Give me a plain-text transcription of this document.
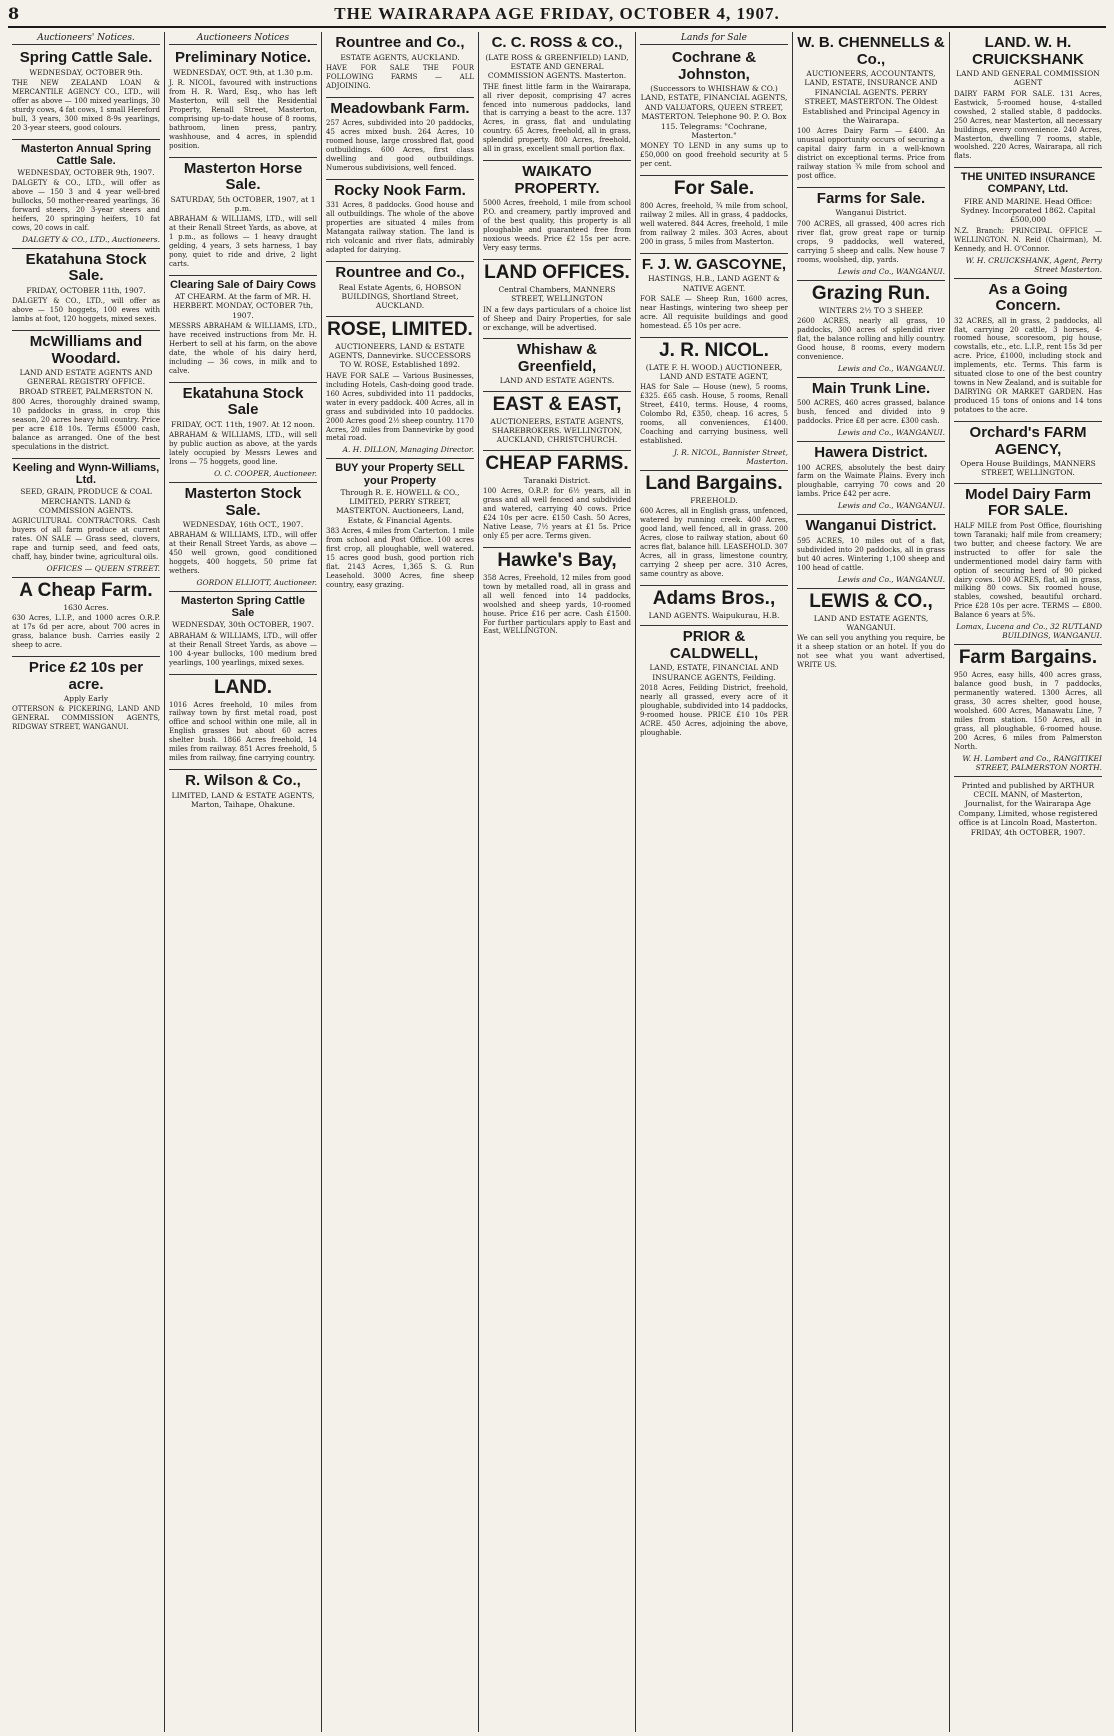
8	THE WAIRARAPA AGE FRIDAY, OCTOBER 4, 1907.
Auctioneers' Notices.
Spring Cattle Sale.
WEDNESDAY, OCTOBER 9th.
THE NEW ZEALAND LOAN & MERCANTILE AGENCY CO., LTD., will offer as above — 100 mixed yearlings, 30 sturdy cows, 4 fat cows, 1 small Hereford bull, 3 years, 300 mixed 8-9s yearlings, 20 3-year steers, good colours.
Masterton Annual Spring Cattle Sale.
WEDNESDAY, OCTOBER 9th, 1907.
DALGETY & CO., LTD., will offer as above — 150 3 and 4 year well-bred bullocks, 50 mother-reared yearlings, 36 forward steers, 20 3-year steers and heifers, 20 springing heifers, 10 fat cows, 20 cows in calf.
DALGETY & CO., LTD., Auctioneers.
Ekatahuna Stock Sale.
FRIDAY, OCTOBER 11th, 1907.
DALGETY & CO., LTD., will offer as above — 150 hoggets, 100 ewes with lambs at foot, 120 hoggets, mixed sexes.
McWilliams and Woodard.
LAND AND ESTATE AGENTS AND GENERAL REGISTRY OFFICE. BROAD STREET, PALMERSTON N.
800 Acres, thoroughly drained swamp, 10 paddocks in grass, in crop this season, 20 acres heavy hill country. Price per acre £18 10s. Terms £5000 cash, balance as arranged. One of the best speculations in the district.
Keeling and Wynn-Williams, Ltd.
SEED, GRAIN, PRODUCE & COAL MERCHANTS. LAND & COMMISSION AGENTS.
AGRICULTURAL CONTRACTORS. Cash buyers of all farm produce at current rates. ON SALE — Grass seed, clovers, rape and turnip seed, and feed oats, chaff, hay, binder twine, agricultural oils.
OFFICES — QUEEN STREET.
A Cheap Farm.
1630 Acres.
630 Acres, L.I.P., and 1000 acres O.R.P. at 17s 6d per acre, about 700 acres in grass, balance bush. Carries easily 2 sheep to acre.
Price £2 10s per acre.
Apply Early
OTTERSON & PICKERING, LAND AND GENERAL COMMISSION AGENTS, RIDGWAY STREET, WANGANUI.
Auctioneers Notices
Preliminary Notice.
WEDNESDAY, OCT. 9th, at 1.30 p.m.
J. R. NICOL, favoured with instructions from H. R. Ward, Esq., who has left Masterton, will sell the Residential Property, Renall Street, Masterton, comprising up-to-date house of 8 rooms, bathroom, linen press, pantry, washhouse, and 4 acres, in splendid position.
Masterton Horse Sale.
SATURDAY, 5th OCTOBER, 1907, at 1 p.m.
ABRAHAM & WILLIAMS, LTD., will sell at their Renall Street Yards, as above, at 1 p.m., as follows — 1 heavy draught gelding, 4 years, 3 sets harness, 1 bay pony, quiet to ride and drive, 2 light carts.
Clearing Sale of Dairy Cows
AT CHEARM. At the farm of MR. H. HERBERT. MONDAY, OCTOBER 7th, 1907.
MESSRS ABRAHAM & WILLIAMS, LTD., have received instructions from Mr. H. Herbert to sell at his farm, on the above date, the whole of his dairy herd, including — 36 cows, in milk and to calve.
Ekatahuna Stock Sale
FRIDAY, OCT. 11th, 1907. At 12 noon.
ABRAHAM & WILLIAMS, LTD., will sell by public auction as above, at the yards lately occupied by Messrs Lewes and Irons — 75 hoggets, good line.
O. C. COOPER, Auctioneer.
Masterton Stock Sale.
WEDNESDAY, 16th OCT., 1907.
ABRAHAM & WILLIAMS, LTD., will offer at their Renall Street Yards, as above — 450 well grown, good conditioned hoggets, 400 hoggets, 50 prime fat wethers.
GORDON ELLIOTT, Auctioneer.
Masterton Spring Cattle Sale
WEDNESDAY, 30th OCTOBER, 1907.
ABRAHAM & WILLIAMS, LTD., will offer at their Renall Street Yards, as above — 100 4-year bullocks, 100 medium bred yearlings, 100 yearlings, mixed sexes.
LAND.
1016 Acres freehold, 10 miles from railway town by first metal road, post office and school within one mile, all in English grasses but about 60 acres shelter bush. 1866 Acres freehold, 14 miles from railway. 851 Acres freehold, 5 miles from railway, fine carrying country.
R. Wilson & Co.,
LIMITED, LAND & ESTATE AGENTS, Marton, Taihape, Ohakune.
Rountree and Co.,
ESTATE AGENTS, AUCKLAND.
HAVE FOR SALE THE FOUR FOLLOWING FARMS — ALL ADJOINING.
Meadowbank Farm.
257 Acres, subdivided into 20 paddocks, 45 acres mixed bush. 264 Acres, 10 roomed house, large crossbred flat, good outbuildings. 600 Acres, first class dwelling and good outbuildings. Numerous subdivisions, well fenced.
Rocky Nook Farm.
331 Acres, 8 paddocks. Good house and all outbuildings. The whole of the above properties are situated 4 miles from Matangata railway station. The land is rich volcanic and river flats, admirably adapted for dairying.
Rountree and Co.,
Real Estate Agents, 6, HOBSON BUILDINGS, Shortland Street, AUCKLAND.
ROSE, LIMITED.
AUCTIONEERS, LAND & ESTATE AGENTS, Dannevirke. SUCCESSORS TO W. ROSE, Established 1892.
HAVE FOR SALE — Various Businesses, including Hotels, Cash-doing good trade. 160 Acres, subdivided into 11 paddocks, water in every paddock. 400 Acres, all in grass and subdivided into 10 paddocks. 2000 Acres good 2½ sheep country. 1170 Acres, 20 miles from Dannevirke by good metal road.
A. H. DILLON, Managing Director.
BUY your Property SELL your Property
Through R. E. HOWELL & CO., LIMITED, PERRY STREET, MASTERTON. Auctioneers, Land, Estate, & Financial Agents.
383 Acres, 4 miles from Carterton. 1 mile from school and Post Office. 100 acres first crop, all ploughable, well watered. 15 acres good bush, good portion rich flat. 2143 Acres, 1,365 S. G. Run Leasehold. 3000 Acres, fine sheep country, easy grazing.
C. C. ROSS & CO.,
(LATE ROSS & GREENFIELD) LAND, ESTATE AND GENERAL COMMISSION AGENTS. Masterton.
THE finest little farm in the Wairarapa, all river deposit, comprising 47 acres fenced into numerous paddocks, land that is carrying a beast to the acre. 137 Acres, in grass, flat and undulating country. 65 Acres, freehold, all in grass, splendid property. 800 Acres, freehold, all in grass, excellent small portion flax.
WAIKATO PROPERTY.
5000 Acres, freehold, 1 mile from school P.O. and creamery, partly improved and of the best quality, this property is all ploughable and guaranteed free from noxious weeds. Price £2 15s per acre. Very easy terms.
LAND OFFICES.
Central Chambers, MANNERS STREET, WELLINGTON
IN a few days particulars of a choice list of Sheep and Dairy Properties, for sale or exchange, will be advertised.
Whishaw & Greenfield,
LAND AND ESTATE AGENTS.
EAST & EAST,
AUCTIONEERS, ESTATE AGENTS, SHAREBROKERS. WELLINGTON, AUCKLAND, CHRISTCHURCH.
CHEAP FARMS.
Taranaki District.
100 Acres, O.R.P. for 6½ years, all in grass and all well fenced and subdivided and watered, carrying 40 cows. Price £24 10s per acre. £150 Cash. 50 Acres, Native Lease, 7½ years at £1 5s. Price only £5 per acre. Terms given.
Hawke's Bay,
358 Acres, Freehold, 12 miles from good town by metalled road, all in grass and all well fenced into 14 paddocks, woolshed and sheep yards, 10-roomed house. Price £16 per acre. Cash £1500. For further particulars apply to East and East, WELLINGTON.
Lands for Sale
Cochrane & Johnston,
(Successors to WHISHAW & CO.) LAND, ESTATE, FINANCIAL AGENTS, AND VALUATORS, QUEEN STREET, MASTERTON. Telephone 90. P. O. Box 115. Telegrams: "Cochrane, Masterton."
MONEY TO LEND in any sums up to £50,000 on good freehold security at 5 per cent.
For Sale.
800 Acres, freehold, ¾ mile from school, railway 2 miles. All in grass, 4 paddocks, well watered. 844 Acres, freehold, 1 mile from railway 2 miles. 303 Acres, about 200 in grass, 5 miles from Masterton.
F. J. W. GASCOYNE,
HASTINGS, H.B., LAND AGENT & NATIVE AGENT.
FOR SALE — Sheep Run, 1600 acres, near Hastings, wintering two sheep per acre. All requisite buildings and good homestead. £5 10s per acre.
J. R. NICOL.
(LATE F. H. WOOD.) AUCTIONEER, LAND AND ESTATE AGENT,
HAS for Sale — House (new), 5 rooms, £325. £65 cash. House, 5 rooms, Renall Street, £410, terms. House, 4 rooms, Colombo Rd, £350, cheap. 16 acres, 5 rooms, all conveniences, £1400. Coaching and carrying business, well established.
J. R. NICOL, Bannister Street, Masterton.
Land Bargains.
FREEHOLD.
600 Acres, all in English grass, unfenced, watered by running creek. 400 Acres, good land, well fenced, all in grass. 200 Acres, close to railway station, about 60 acres flat, balance hill. LEASEHOLD. 307 Acres, all in grass, limestone country, carrying 2 sheep per acre. 310 Acres, same country as above.
Adams Bros.,
LAND AGENTS. Waipukurau, H.B.
PRIOR & CALDWELL,
LAND, ESTATE, FINANCIAL AND INSURANCE AGENTS, Feilding.
2018 Acres, Feilding District, freehold, nearly all grassed, every acre of it ploughable, subdivided into 14 paddocks, 9-roomed house. PRICE £10 10s PER ACRE. 450 Acres, adjoining the above, ploughable.
W. B. CHENNELLS & Co.,
AUCTIONEERS, ACCOUNTANTS, LAND, ESTATE, INSURANCE AND FINANCIAL AGENTS. PERRY STREET, MASTERTON. The Oldest Established and Principal Agency in the Wairarapa.
100 Acres Dairy Farm — £400. An unusual opportunity occurs of securing a capital dairy farm in a well-known district on exceptional terms. Price from railway station ¾ mile from school and post office.
Farms for Sale.
Wanganui District.
700 ACRES, all grassed, 400 acres rich river flat, grow great rape or turnip crops, 9 paddocks, well watered, carrying 5 sheep and calls. New house 7 rooms, woolshed, dip, yards.
Lewis and Co., WANGANUI.
Grazing Run.
WINTERS 2½ TO 3 SHEEP.
2600 ACRES, nearly all grass, 10 paddocks, 300 acres of splendid river flat, the balance rolling and hilly country. Good house, 8 rooms, every modern convenience.
Lewis and Co., WANGANUI.
Main Trunk Line.
500 ACRES, 460 acres grassed, balance bush, fenced and divided into 9 paddocks. Price £8 per acre. £300 cash.
Lewis and Co., WANGANUI.
Hawera District.
100 ACRES, absolutely the best dairy farm on the Waimate Plains. Every inch ploughable, carrying 70 cows and 20 lambs. Price £42 per acre.
Lewis and Co., WANGANUI.
Wanganui District.
595 ACRES, 10 miles out of a flat, subdivided into 20 paddocks, all in grass but 40 acres. Wintering 1,100 sheep and 100 head of cattle.
Lewis and Co., WANGANUI.
LEWIS & CO.,
LAND AND ESTATE AGENTS, WANGANUI.
We can sell you anything you require, be it a sheep station or an hotel. If you do not see what you want advertised, WRITE US.
LAND. W. H. CRUICKSHANK
LAND AND GENERAL COMMISSION AGENT
DAIRY FARM FOR SALE. 131 Acres, Eastwick, 5-roomed house, 4-stalled cowshed, 2 stalled stable, 8 paddocks. 250 Acres, near Masterton, all necessary buildings, every convenience. 240 Acres, Masterton, dwelling 7 rooms, stable, woolshed. 220 Acres, Wairarapa, all rich flats.
THE UNITED INSURANCE COMPANY, Ltd.
FIRE AND MARINE. Head Office: Sydney. Incorporated 1862. Capital £500,000
N.Z. Branch: PRINCIPAL OFFICE — WELLINGTON. N. Reid (Chairman), M. Kennedy, and H. O'Connor.
W. H. CRUICKSHANK, Agent, Perry Street Masterton.
As a Going Concern.
32 ACRES, all in grass, 2 paddocks, all flat, carrying 20 cattle, 3 horses, 4-roomed house, scoresoom, pig house, cowstalls, etc., etc. L.I.P., rent 15s 3d per acre. Price, £1000, including stock and implements, etc. Terms. This farm is situated close to one of the best country towns in New Zealand, and is suitable for DAIRYING OR MARKET GARDEN. Has produced 15 tons of onions and 14 tons potatoes to the acre.
Orchard's FARM AGENCY,
Opera House Buildings, MANNERS STREET, WELLINGTON.
Model Dairy Farm FOR SALE.
HALF MILE from Post Office, flourishing town Taranaki; half mile from creamery; two butter, and cheese factory. We are instructed to offer for sale the undermentioned model dairy farm with option of securing herd of 90 picked dairy cows. 100 ACRES, flat, all in grass, milking 80 cows. Six roomed house, stables, cowshed, beautiful orchard. Price £28 10s per acre. TERMS — £800. Balance 6 years at 5%.
Lomax, Lucena and Co., 32 RUTLAND BUILDINGS, WANGANUI.
Farm Bargains.
950 Acres, easy hills, 400 acres grass, balance good bush, in 7 paddocks, permanently watered. 1300 Acres, all grass, 30 acres shelter, good house, woolshed. 600 Acres, Manawatu Line, 7 miles from station. 150 Acres, all in grass, all ploughable, 6-roomed house. 200 Acres, 6 miles from Palmerston North.
W. H. Lambert and Co., RANGITIKEI STREET, PALMERSTON NORTH.
Printed and published by ARTHUR CECIL MANN, of Masterton, Journalist, for the Wairarapa Age Company, Limited, whose registered office is at Lincoln Road, Masterton. FRIDAY, 4th OCTOBER, 1907.
